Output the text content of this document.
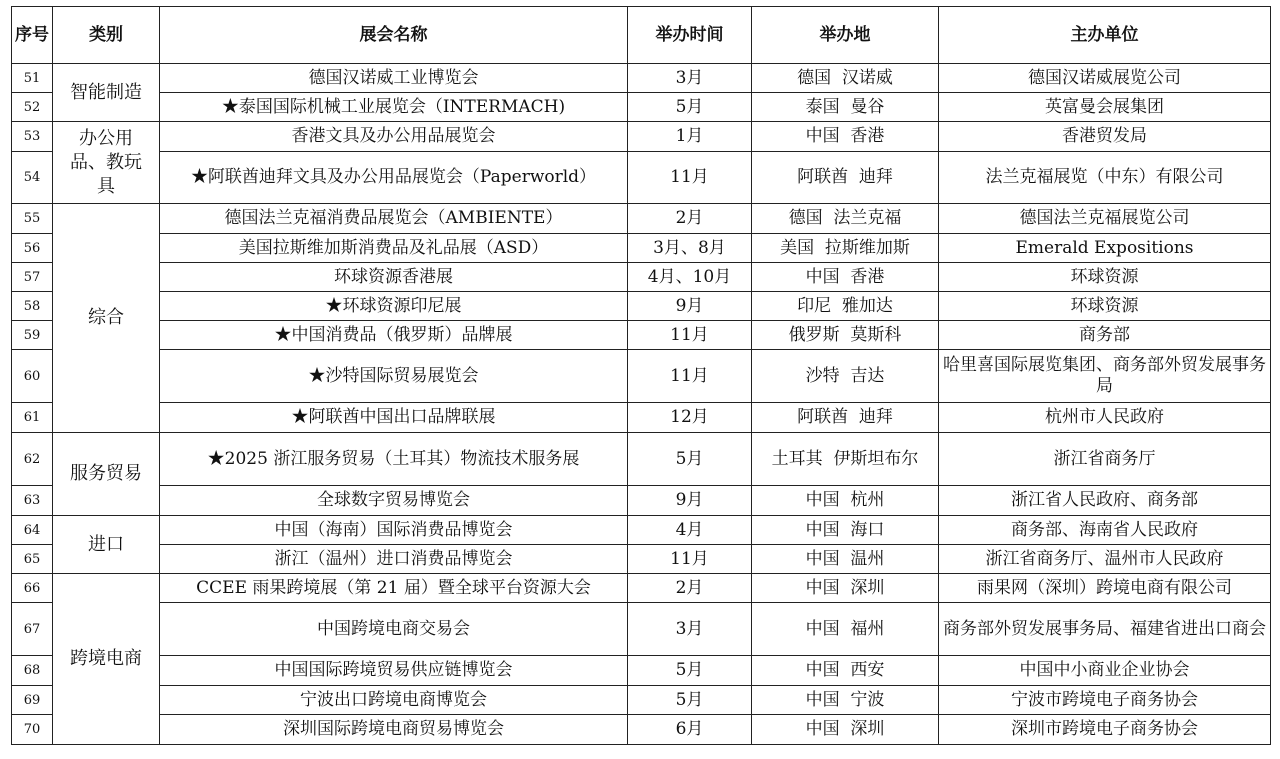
序号	类别	展会名称	举办时间	举办地	主办单位
51	智能制造	德国汉诺威工业博览会	3月	德国  汉诺威	德国汉诺威展览公司
52		★泰国国际机械工业展览会（INTERMACH)	5月	泰国  曼谷	英富曼会展集团
53	办公用品、教玩具	香港文具及办公用品展览会	1月	中国  香港	香港贸发局
54		★阿联酋迪拜文具及办公用品展览会（Paperworld）	11月	阿联酋  迪拜	法兰克福展览（中东）有限公司
55	综合	德国法兰克福消费品展览会（AMBIENTE）	2月	德国  法兰克福	德国法兰克福展览公司
56		美国拉斯维加斯消费品及礼品展（ASD）	3月、8月	美国  拉斯维加斯	Emerald Expositions
57		环球资源香港展	4月、10月	中国  香港	环球资源
58		★环球资源印尼展	9月	印尼  雅加达	环球资源
59		★中国消费品（俄罗斯）品牌展	11月	俄罗斯  莫斯科	商务部
60		★沙特国际贸易展览会	11月	沙特  吉达	哈里喜国际展览集团、商务部外贸发展事务局
61		★阿联酋中国出口品牌联展	12月	阿联酋  迪拜	杭州市人民政府
62	服务贸易	★2025 浙江服务贸易（土耳其）物流技术服务展	5月	土耳其  伊斯坦布尔	浙江省商务厅
63		全球数字贸易博览会	9月	中国  杭州	浙江省人民政府、商务部
64	进口	中国（海南）国际消费品博览会	4月	中国  海口	商务部、海南省人民政府
65		浙江（温州）进口消费品博览会	11月	中国  温州	浙江省商务厅、温州市人民政府
66	跨境电商	CCEE 雨果跨境展（第 21 届）暨全球平台资源大会	2月	中国  深圳	雨果网（深圳）跨境电商有限公司
67		中国跨境电商交易会	3月	中国  福州	商务部外贸发展事务局、福建省进出口商会
68		中国国际跨境贸易供应链博览会	5月	中国  西安	中国中小商业企业协会
69		宁波出口跨境电商博览会	5月	中国  宁波	宁波市跨境电子商务协会
70		深圳国际跨境电商贸易博览会	6月	中国  深圳	深圳市跨境电子商务协会
